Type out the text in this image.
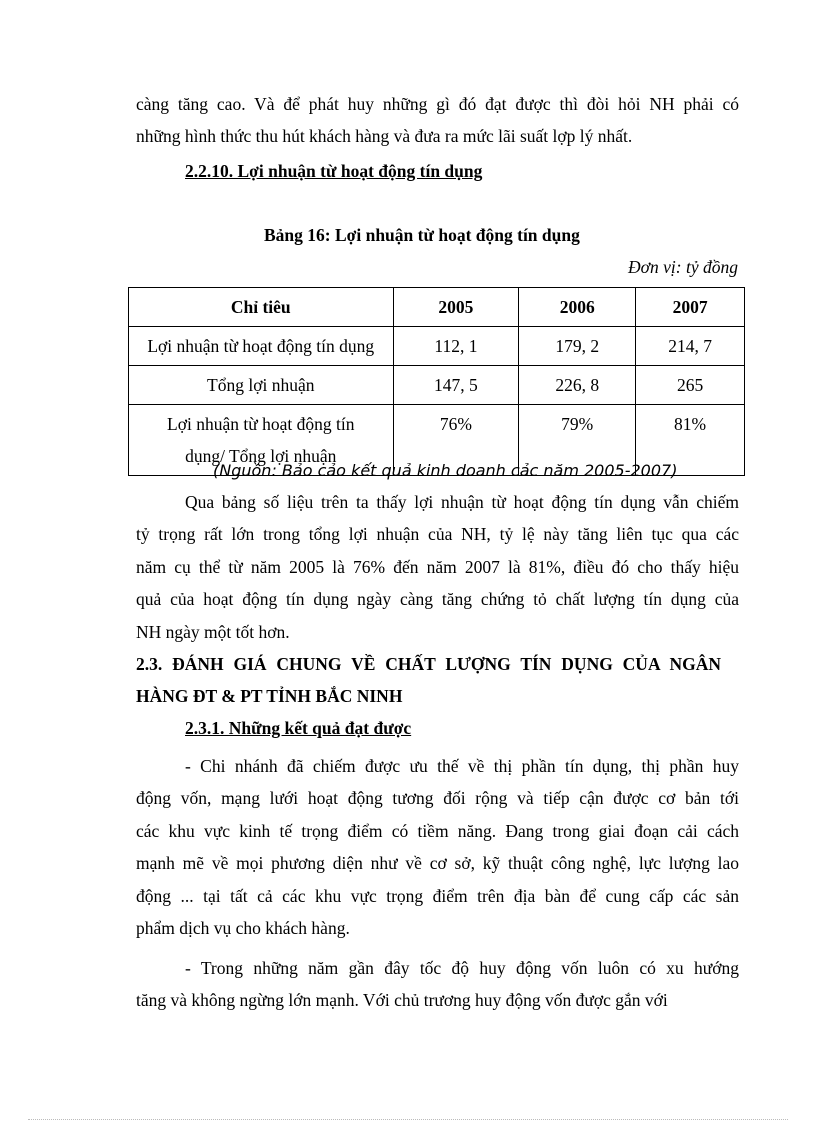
càng tăng cao. Và để phát huy những gì đó đạt được thì đòi hỏi NH phải có
những hình thức thu hút khách hàng và đưa ra mức lãi suất lợp lý nhất.
2.2.10. Lợi nhuận từ hoạt động tín dụng
Bảng 16: Lợi nhuận từ hoạt động tín dụng
Đơn vị: tỷ đồng
Chỉ tiêu	2005	2006	2007
Lợi nhuận từ hoạt động tín dụng	112, 1	179, 2	214, 7
Tổng lợi nhuận	147, 5	226, 8	265

Lợi nhuận từ hoạt động tín
dụng/ Tổng lợi nhuận	76%	79%	81%
(Nguồn: Bảo cảo kết quả kinh doanh cảc năm 2005-2007)
Qua bảng số liệu trên ta thấy lợi nhuận từ hoạt động tín dụng vẫn chiếm
tỷ trọng rất lớn trong tổng lợi nhuận của NH, tỷ lệ này tăng liên tục qua các
năm cụ thể từ năm 2005 là 76% đến năm 2007 là 81%, điều đó cho thấy hiệu
quả của hoạt động tín dụng ngày càng tăng chứng tỏ chất lượng tín dụng của
NH ngày một tốt hơn.
2.3. ĐÁNH GIÁ CHUNG VỀ CHẤT LƯỢNG TÍN DỤNG CỦA NGÂN
HÀNG ĐT & PT TỈNH BẮC NINH
2.3.1. Những kết quả đạt được
- Chi nhánh đã chiếm được ưu thế về thị phần tín dụng, thị phần huy
động vốn, mạng lưới hoạt động tương đối rộng và tiếp cận được cơ bản tới
các khu vực kinh tế trọng điểm có tiềm năng. Đang trong giai đoạn cải cách
mạnh mẽ về mọi phương diện như về cơ sở, kỹ thuật công nghệ, lực lượng lao
động ... tại tất cả các khu vực trọng điểm trên địa bàn để cung cấp các sản
phẩm dịch vụ cho khách hàng.
- Trong những năm gần đây tốc độ huy động vốn luôn có xu hướng
tăng và không ngừng lớn mạnh. Với chủ trương huy động vốn được gắn với
